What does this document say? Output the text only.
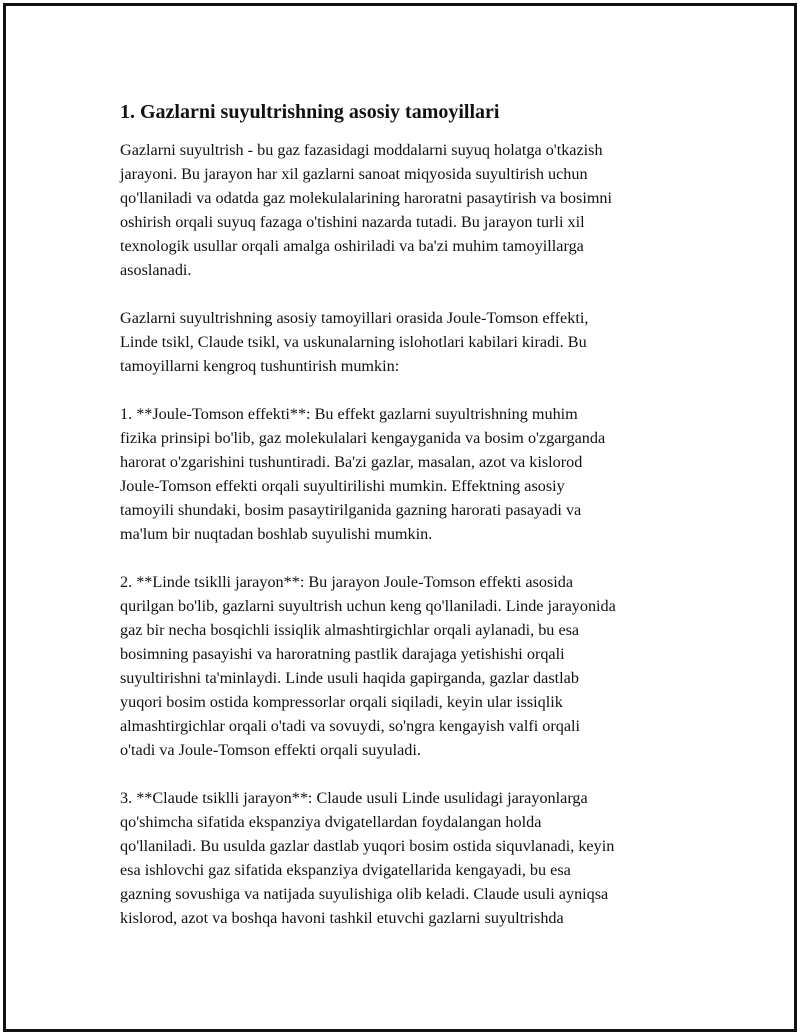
1. Gazlarni suyultrishning asosiy tamoyillari
Gazlarni suyultrish - bu gaz fazasidagi moddalarni suyuq holatga o'tkazish
jarayoni. Bu jarayon har xil gazlarni sanoat miqyosida suyultirish uchun
qo'llaniladi va odatda gaz molekulalarining haroratni pasaytirish va bosimni
oshirish orqali suyuq fazaga o'tishini nazarda tutadi. Bu jarayon turli xil
texnologik usullar orqali amalga oshiriladi va ba'zi muhim tamoyillarga
asoslanadi.
Gazlarni suyultrishning asosiy tamoyillari orasida Joule-Tomson effekti,
Linde tsikl, Claude tsikl, va uskunalarning islohotlari kabilari kiradi. Bu
tamoyillarni kengroq tushuntirish mumkin:
1. **Joule-Tomson effekti**: Bu effekt gazlarni suyultrishning muhim
fizika prinsipi bo'lib, gaz molekulalari kengayganida va bosim o'zgarganda
harorat o'zgarishini tushuntiradi. Ba'zi gazlar, masalan, azot va kislorod
Joule-Tomson effekti orqali suyultirilishi mumkin. Effektning asosiy
tamoyili shundaki, bosim pasaytirilganida gazning harorati pasayadi va
ma'lum bir nuqtadan boshlab suyulishi mumkin.
2. **Linde tsiklli jarayon**: Bu jarayon Joule-Tomson effekti asosida
qurilgan bo'lib, gazlarni suyultrish uchun keng qo'llaniladi. Linde jarayonida
gaz bir necha bosqichli issiqlik almashtirgichlar orqali aylanadi, bu esa
bosimning pasayishi va haroratning pastlik darajaga yetishishi orqali
suyultirishni ta'minlaydi. Linde usuli haqida gapirganda, gazlar dastlab
yuqori bosim ostida kompressorlar orqali siqiladi, keyin ular issiqlik
almashtirgichlar orqali o'tadi va sovuydi, so'ngra kengayish valfi orqali
o'tadi va Joule-Tomson effekti orqali suyuladi.
3. **Claude tsiklli jarayon**: Claude usuli Linde usulidagi jarayonlarga
qo'shimcha sifatida ekspanziya dvigatellardan foydalangan holda
qo'llaniladi. Bu usulda gazlar dastlab yuqori bosim ostida siquvlanadi, keyin
esa ishlovchi gaz sifatida ekspanziya dvigatellarida kengayadi, bu esa
gazning sovushiga va natijada suyulishiga olib keladi. Claude usuli ayniqsa
kislorod, azot va boshqa havoni tashkil etuvchi gazlarni suyultrishda
